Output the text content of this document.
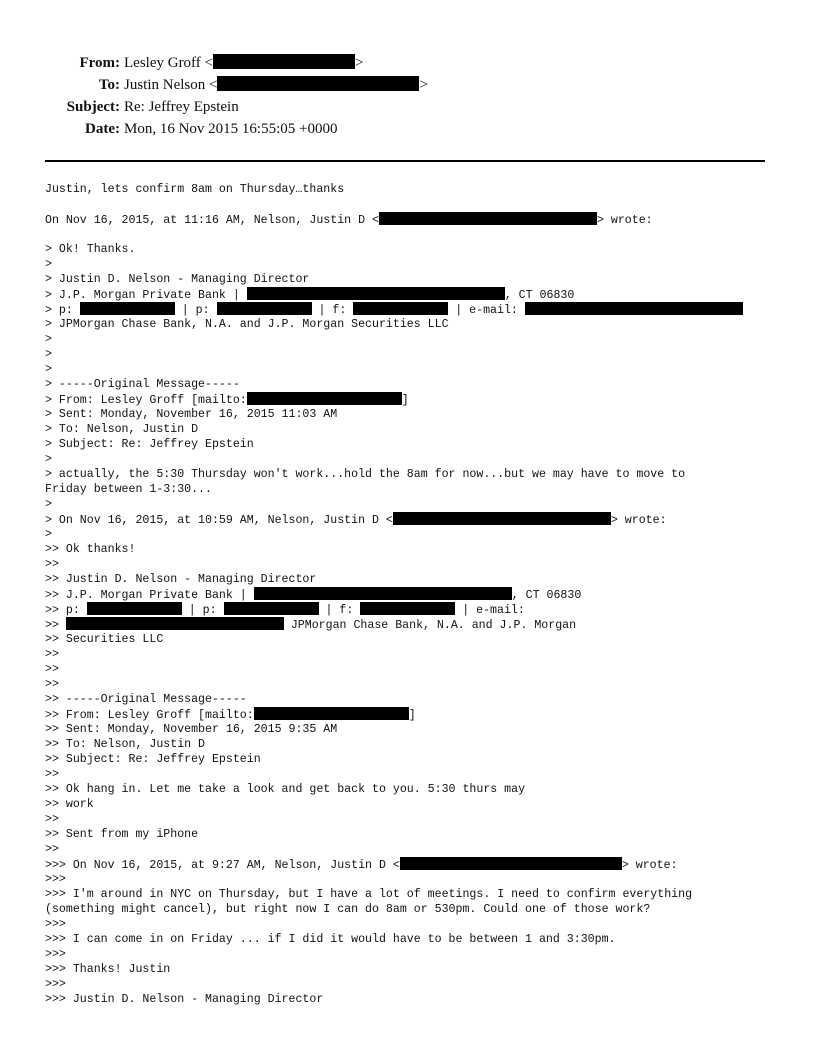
From: Lesley Groff <	>
To: Justin Nelson <	>
Subject: Re: Jeffrey Epstein
Date: Mon, 16 Nov 2015 16:55:05 +0000
Justin, lets confirm 8am on Thursday…thanks
On Nov 16, 2015, at 11:16 AM, Nelson, Justin D <	> wrote:
> Ok! Thanks.
>
> Justin D. Nelson - Managing Director
> J.P. Morgan Private Bank |	, CT 06830
> p:	| p:	| f:	| e-mail:
> JPMorgan Chase Bank, N.A. and J.P. Morgan Securities LLC
>
>
>
> -----Original Message-----
> From: Lesley Groff [mailto:	]
> Sent: Monday, November 16, 2015 11:03 AM
> To: Nelson, Justin D
> Subject: Re: Jeffrey Epstein
>
> actually, the 5:30 Thursday won't work...hold the 8am for now...but we may have to move to
Friday between 1-3:30...
>
> On Nov 16, 2015, at 10:59 AM, Nelson, Justin D <	> wrote:
>
>> Ok thanks!
>>
>> Justin D. Nelson - Managing Director
>> J.P. Morgan Private Bank |	, CT 06830
>> p:	| p:	| f:	| e-mail:
>>	JPMorgan Chase Bank, N.A. and J.P. Morgan
>> Securities LLC
>>
>>
>>
>> -----Original Message-----
>> From: Lesley Groff [mailto:	]
>> Sent: Monday, November 16, 2015 9:35 AM
>> To: Nelson, Justin D
>> Subject: Re: Jeffrey Epstein
>>
>> Ok hang in. Let me take a look and get back to you. 5:30 thurs may
>> work
>>
>> Sent from my iPhone
>>
>>> On Nov 16, 2015, at 9:27 AM, Nelson, Justin D <	> wrote:
>>>
>>> I'm around in NYC on Thursday, but I have a lot of meetings. I need to confirm everything
(something might cancel), but right now I can do 8am or 530pm. Could one of those work?
>>>
>>> I can come in on Friday ... if I did it would have to be between 1 and 3:30pm.
>>>
>>> Thanks! Justin
>>>
>>> Justin D. Nelson - Managing Director
